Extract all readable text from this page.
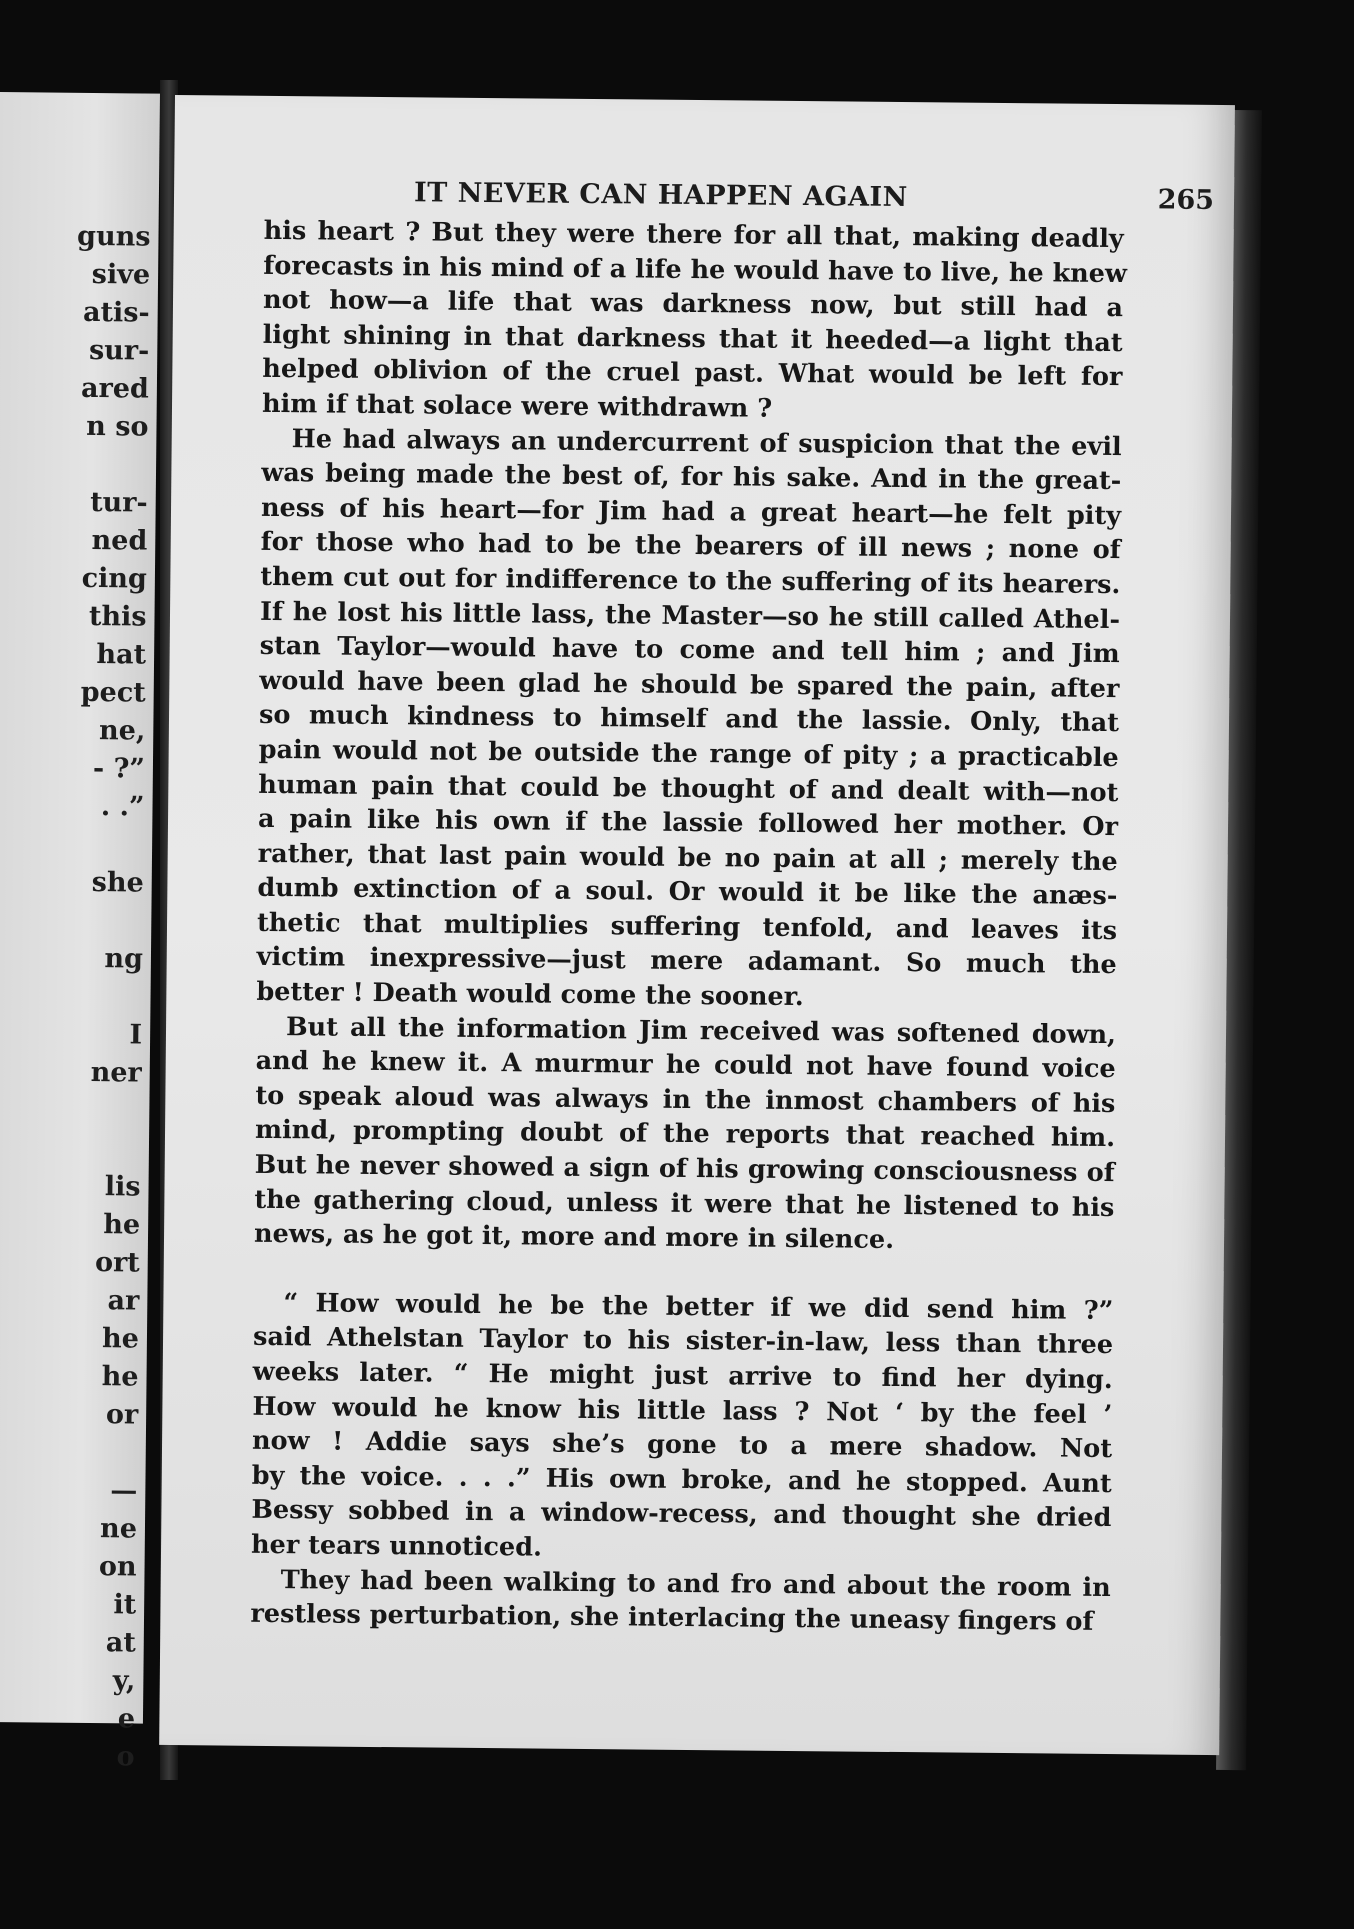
guns
sive
atis-
sur-
ared
n so
tur-
ned
cing
this
hat
pect
ne,
- ?”
. .”
she
ng
I
ner
lis
he
ort
ar
he
he
or
—
ne
on
it
at
y,
e
o
IT NEVER CAN HAPPEN AGAIN	265
his heart ? But they were there for all that, making deadly
forecasts in his mind of a life he would have to live, he knew
not how—a life that was darkness now, but still had a
light shining in that darkness that it heeded—a light that
helped oblivion of the cruel past. What would be left for
him if that solace were withdrawn ?
He had always an undercurrent of suspicion that the evil
was being made the best of, for his sake. And in the great-
ness of his heart—for Jim had a great heart—he felt pity
for those who had to be the bearers of ill news ; none of
them cut out for indifference to the suffering of its hearers.
If he lost his little lass, the Master—so he still called Athel-
stan Taylor—would have to come and tell him ; and Jim
would have been glad he should be spared the pain, after
so much kindness to himself and the lassie. Only, that
pain would not be outside the range of pity ; a practicable
human pain that could be thought of and dealt with—not
a pain like his own if the lassie followed her mother. Or
rather, that last pain would be no pain at all ; merely the
dumb extinction of a soul. Or would it be like the anæs-
thetic that multiplies suffering tenfold, and leaves its
victim inexpressive—just mere adamant. So much the
better ! Death would come the sooner.
But all the information Jim received was softened down,
and he knew it. A murmur he could not have found voice
to speak aloud was always in the inmost chambers of his
mind, prompting doubt of the reports that reached him.
But he never showed a sign of his growing consciousness of
the gathering cloud, unless it were that he listened to his
news, as he got it, more and more in silence.
“ How would he be the better if we did send him ?”
said Athelstan Taylor to his sister-in-law, less than three
weeks later. “ He might just arrive to find her dying.
How would he know his little lass ? Not ‘ by the feel ’
now ! Addie says she’s gone to a mere shadow. Not
by the voice. . . .” His own broke, and he stopped. Aunt
Bessy sobbed in a window-recess, and thought she dried
her tears unnoticed.
They had been walking to and fro and about the room in
restless perturbation, she interlacing the uneasy fingers of
